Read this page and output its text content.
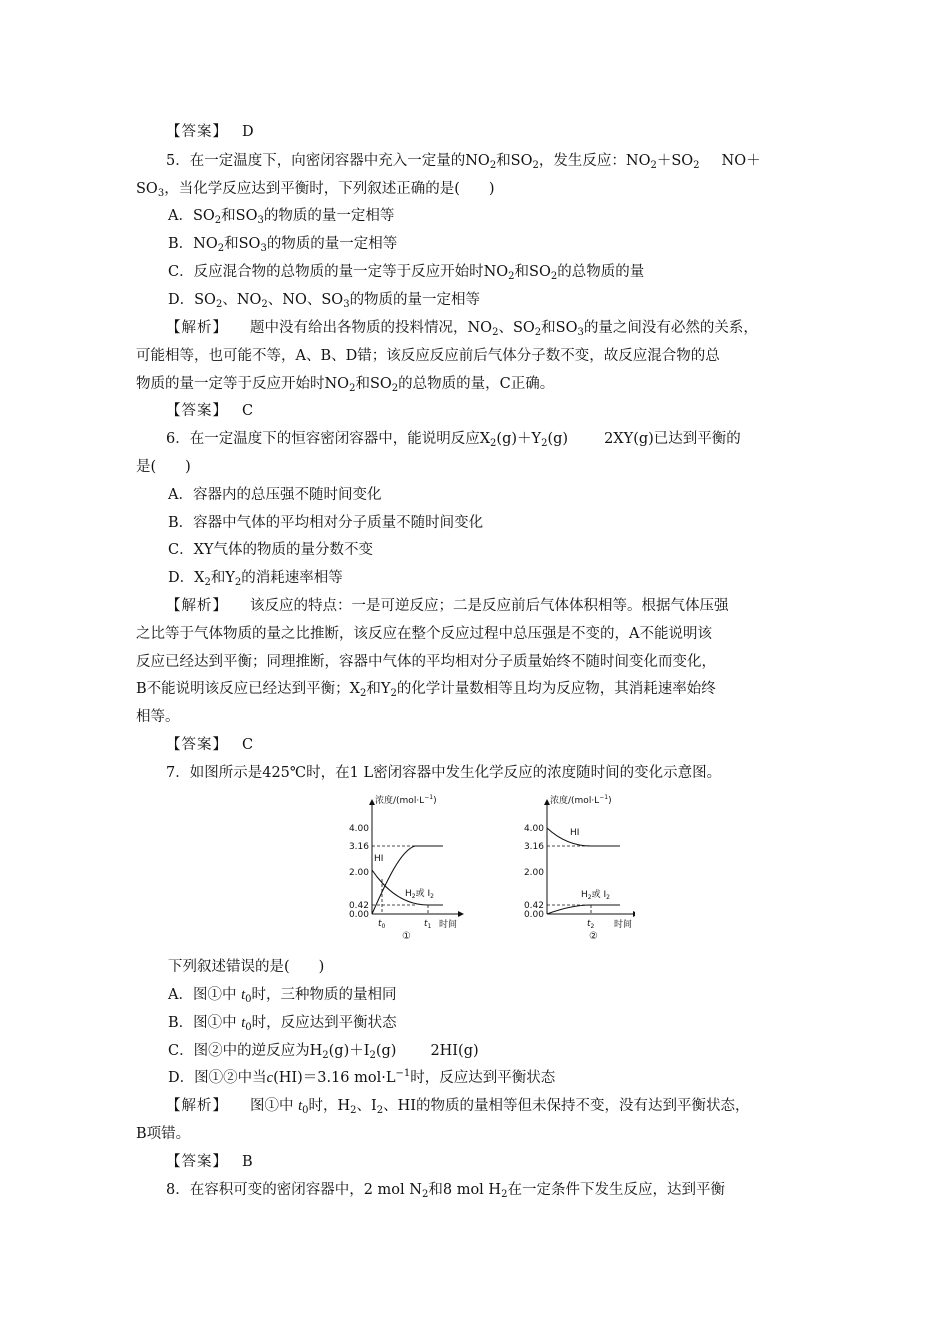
【答案】 D
5．在一定温度下，向密闭容器中充入一定量的$NO_2$和$SO_2$，发生反应：$NO_2+SO_2$ NO＋
$SO_3$，当化学反应达到平衡时，下列叙述正确的是(　　)
A．$SO_2$和$SO_3$的物质的量一定相等
B．$NO_2$和$SO_3$的物质的量一定相等
C．反应混合物的总物质的量一定等于反应开始时$NO_2$和$SO_2$的总物质的量
D．$SO_2$、$NO_2$、NO、$SO_3$的物质的量一定相等
【解析】 题中没有给出各物质的投料情况，$NO_2$、$SO_2$和$SO_3$的量之间没有必然的关系，
可能相等，也可能不等，A、B、D错；该反应反应前后气体分子数不变，故反应混合物的总
物质的量一定等于反应开始时$NO_2$和$SO_2$的总物质的量，C正确。
【答案】 C
6．在一定温度下的恒容密闭容器中，能说明反应$X_2(g)+Y_2(g)$ 2XY(g)已达到平衡的
是(　　)
A．容器内的总压强不随时间变化
B．容器中气体的平均相对分子质量不随时间变化
C．XY气体的物质的量分数不变
D．$X_2$和$Y_2$的消耗速率相等
【解析】 该反应的特点：一是可逆反应；二是反应前后气体体积相等。根据气体压强
之比等于气体物质的量之比推断，该反应在整个反应过程中总压强是不变的，A不能说明该
反应已经达到平衡；同理推断，容器中气体的平均相对分子质量始终不随时间变化而变化，
B不能说明该反应已经达到平衡；$X_2$和$Y_2$的化学计量数相等且均为反应物，其消耗速率始终
相等。
【答案】 C
7．如图所示是425℃时，在1 L密闭容器中发生化学反应的浓度随时间的变化示意图。
浓度$/(mol\cdot L^{-1})$
4.00
3.16
2.00
0.42
0.00
HI
$H_2$或 $I_2$
$t_0$	$t_1$ 时间
①
浓度$/(mol\cdot L^{-1})$
4.00
3.16
2.00
0.42
0.00
HI
$H_2$或 $I_2$
$t_2$ 时间
②
下列叙述错误的是(　　)
A．图①中 $t_0$时，三种物质的量相同
B．图①中 $t_0$时，反应达到平衡状态
C．图②中的逆反应为$H_2(g)+I_2(g)$ 2HI(g)
D．图①②中当c(HI)＝3.16 $mol\cdot L^{-1}$时，反应达到平衡状态
【解析】 图①中 $t_0$时，$H_2$、$I_2$、HI的物质的量相等但未保持不变，没有达到平衡状态，
B项错。
【答案】 B
8．在容积可变的密闭容器中，2 mol $N_2$和8 mol $H_2$在一定条件下发生反应，达到平衡
